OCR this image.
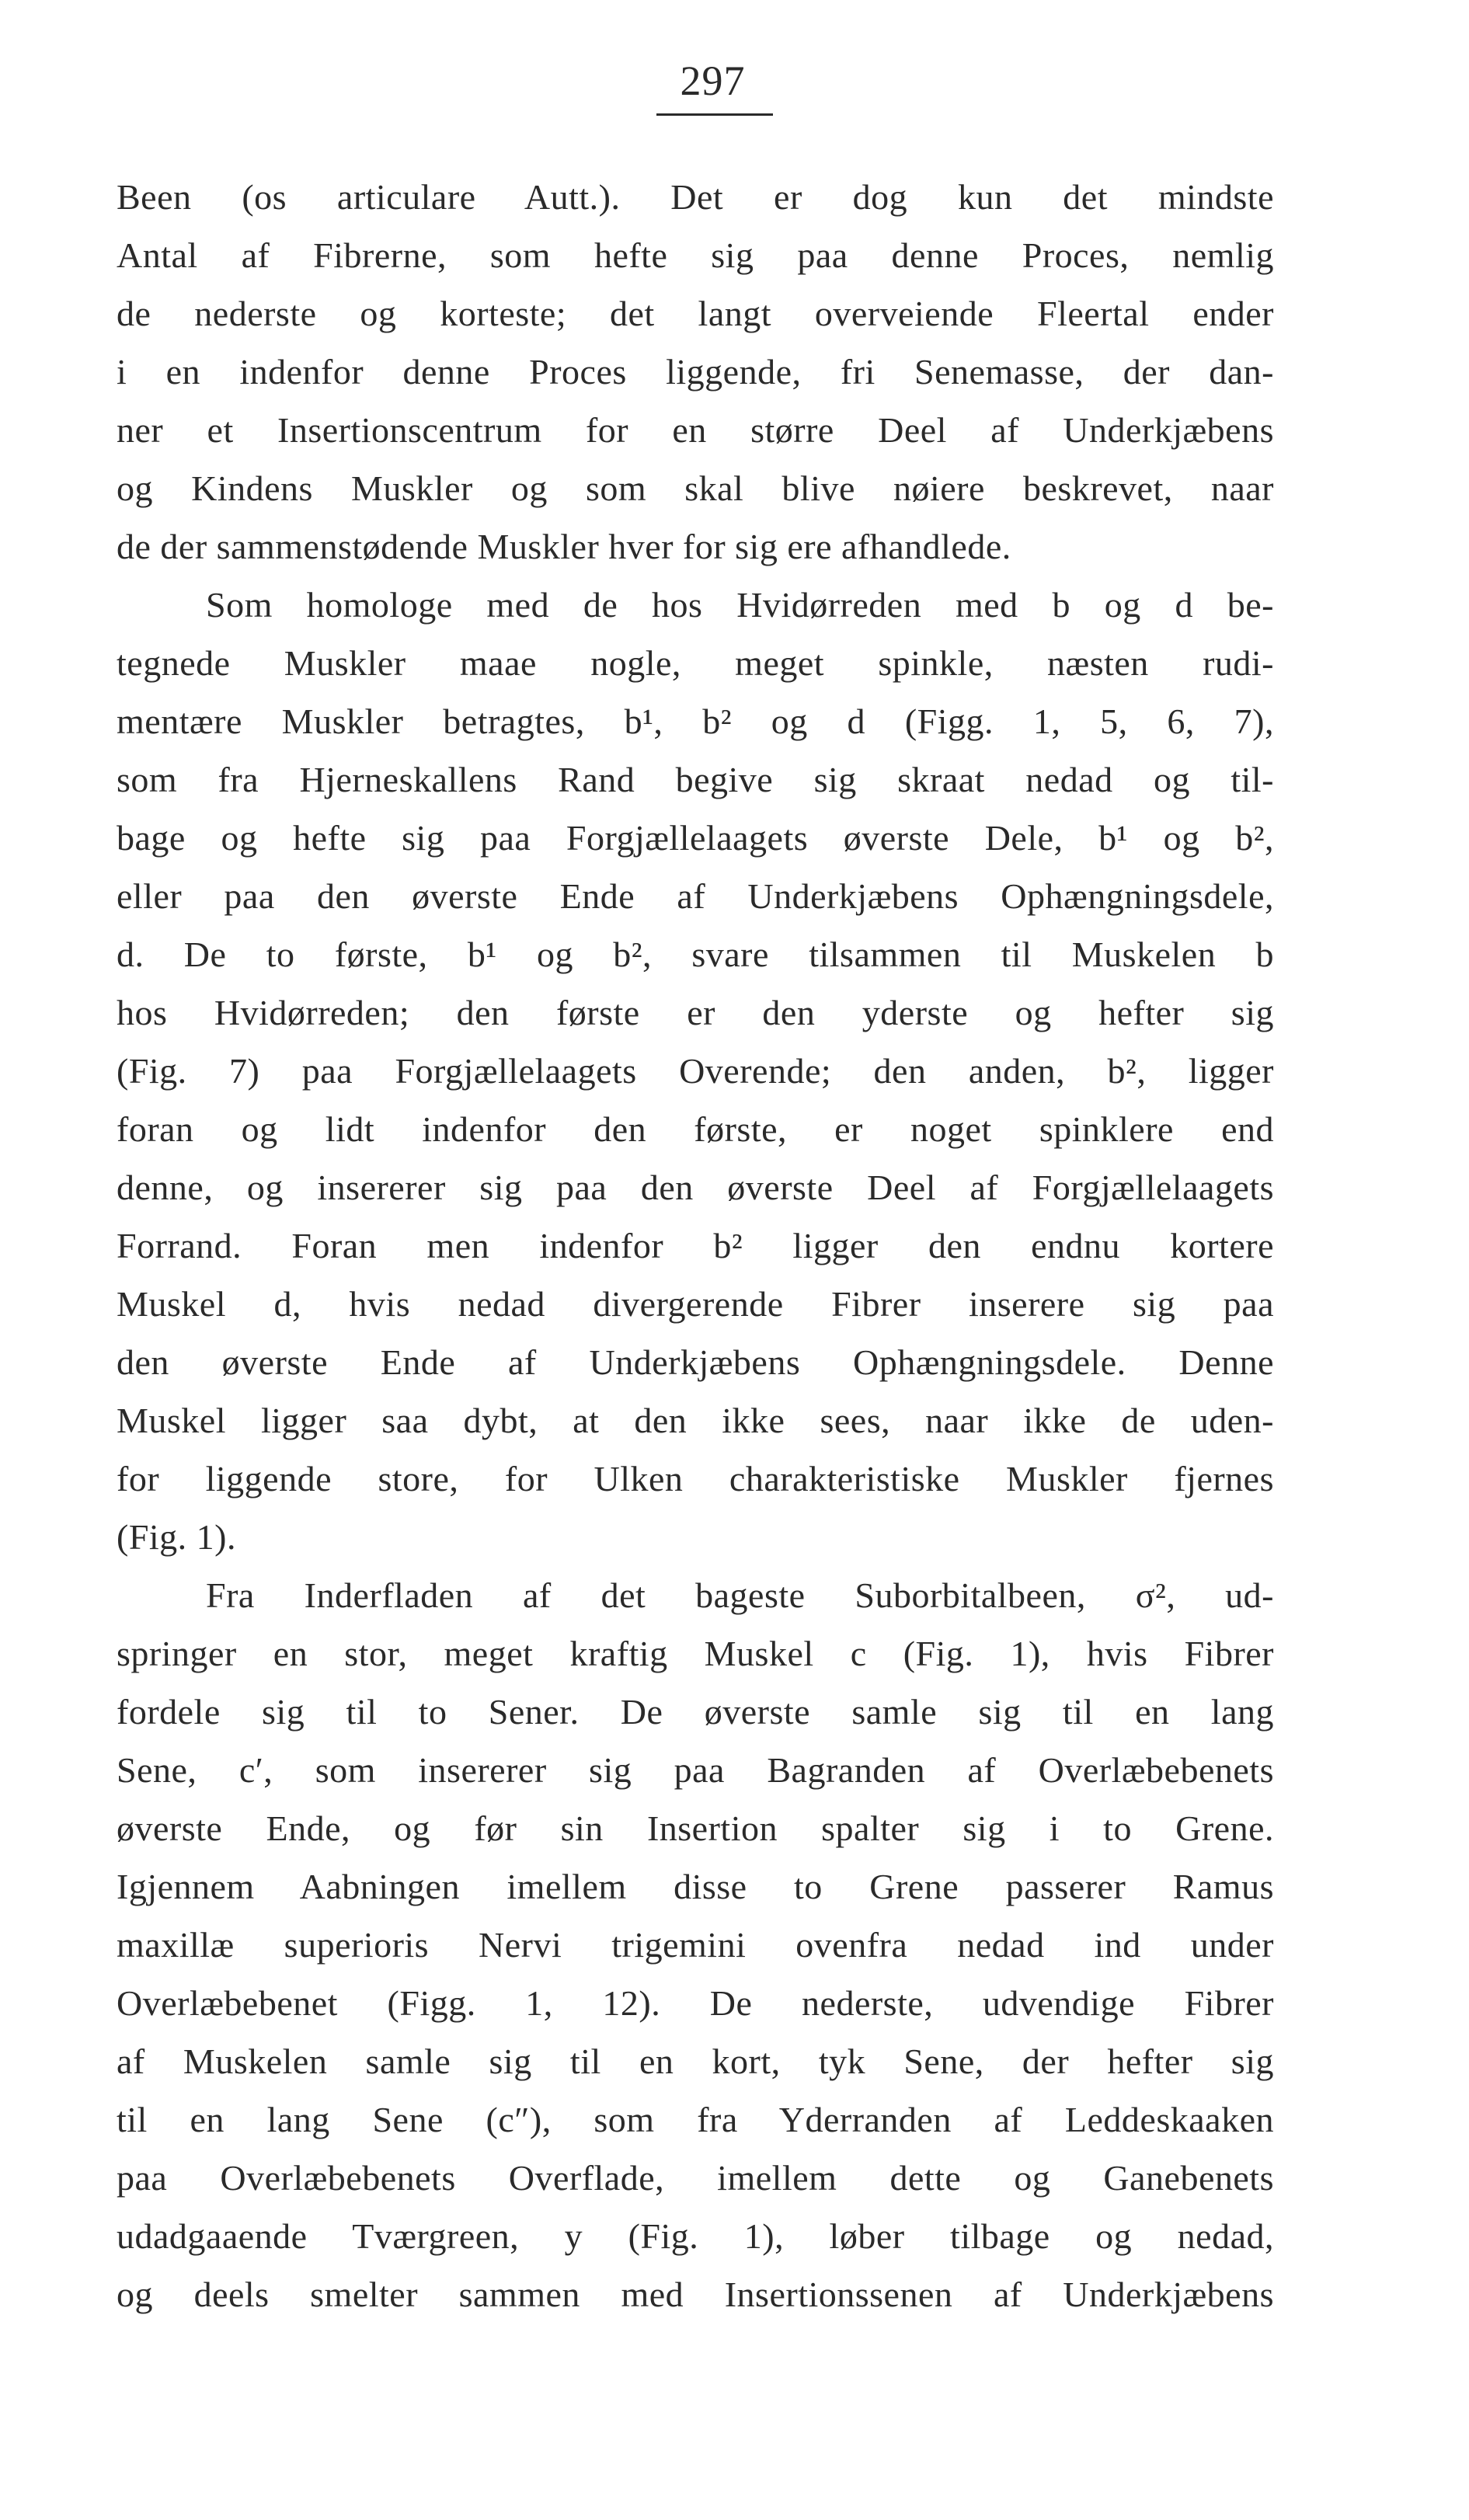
297
Been (os articulare Autt.). Det er dog kun det mindste
Antal af Fibrerne, som hefte sig paa denne Proces, nemlig
de nederste og korteste; det langt overveiende Fleertal ender
i en indenfor denne Proces liggende, fri Senemasse, der dan-
ner et Insertionscentrum for en større Deel af Underkjæbens
og Kindens Muskler og som skal blive nøiere beskrevet, naar
de der sammenstødende Muskler hver for sig ere afhandlede.
Som homologe med de hos Hvidørreden med b og d be-
tegnede Muskler maae nogle, meget spinkle, næsten rudi-
mentære Muskler betragtes, b¹, b² og d (Figg. 1, 5, 6, 7),
som fra Hjerneskallens Rand begive sig skraat nedad og til-
bage og hefte sig paa Forgjællelaagets øverste Dele, b¹ og b²,
eller paa den øverste Ende af Underkjæbens Ophængningsdele,
d. De to første, b¹ og b², svare tilsammen til Muskelen b
hos Hvidørreden; den første er den yderste og hefter sig
(Fig. 7) paa Forgjællelaagets Overende; den anden, b², ligger
foran og lidt indenfor den første, er noget spinklere end
denne, og insererer sig paa den øverste Deel af Forgjællelaagets
Forrand. Foran men indenfor b² ligger den endnu kortere
Muskel d, hvis nedad divergerende Fibrer inserere sig paa
den øverste Ende af Underkjæbens Ophængningsdele. Denne
Muskel ligger saa dybt, at den ikke sees, naar ikke de uden-
for liggende store, for Ulken charakteristiske Muskler fjernes
(Fig. 1).
Fra Inderfladen af det bageste Suborbitalbeen, σ², ud-
springer en stor, meget kraftig Muskel c (Fig. 1), hvis Fibrer
fordele sig til to Sener. De øverste samle sig til en lang
Sene, c′, som insererer sig paa Bagranden af Overlæbebenets
øverste Ende, og før sin Insertion spalter sig i to Grene.
Igjennem Aabningen imellem disse to Grene passerer Ramus
maxillæ superioris Nervi trigemini ovenfra nedad ind under
Overlæbebenet (Figg. 1, 12). De nederste, udvendige Fibrer
af Muskelen samle sig til en kort, tyk Sene, der hefter sig
til en lang Sene (c″), som fra Yderranden af Leddeskaaken
paa Overlæbebenets Overflade, imellem dette og Ganebenets
udadgaaende Tværgreen, y (Fig. 1), løber tilbage og nedad,
og deels smelter sammen med Insertionssenen af Underkjæbens
